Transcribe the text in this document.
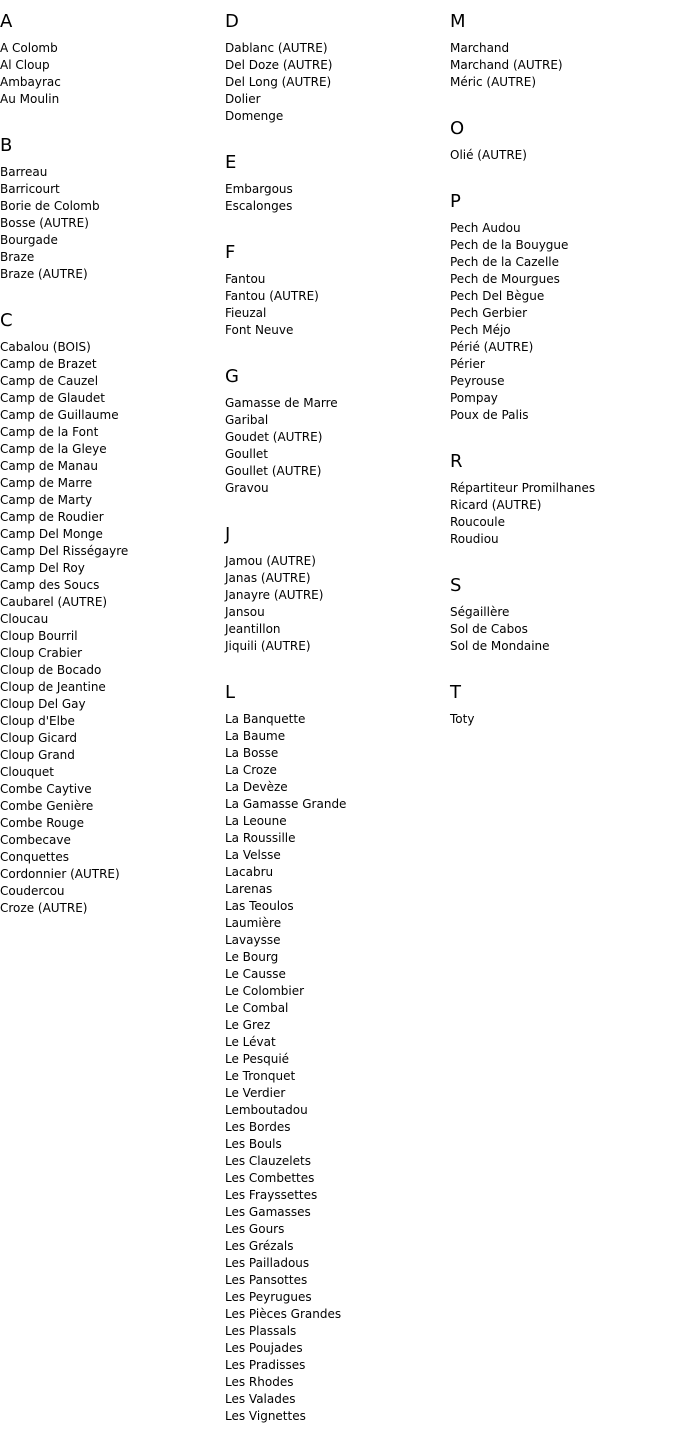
A
A Colomb
Al Cloup
Ambayrac
Au Moulin
B
Barreau
Barricourt
Borie de Colomb
Bosse (AUTRE)
Bourgade
Braze
Braze (AUTRE)
C
Cabalou (BOIS)
Camp de Brazet
Camp de Cauzel
Camp de Glaudet
Camp de Guillaume
Camp de la Font
Camp de la Gleye
Camp de Manau
Camp de Marre
Camp de Marty
Camp de Roudier
Camp Del Monge
Camp Del Risségayre
Camp Del Roy
Camp des Soucs
Caubarel (AUTRE)
Cloucau
Cloup Bourril
Cloup Crabier
Cloup de Bocado
Cloup de Jeantine
Cloup Del Gay
Cloup d'Elbe
Cloup Gicard
Cloup Grand
Clouquet
Combe Caytive
Combe Genière
Combe Rouge
Combecave
Conquettes
Cordonnier (AUTRE)
Coudercou
Croze (AUTRE)
D
Dablanc (AUTRE)
Del Doze (AUTRE)
Del Long (AUTRE)
Dolier
Domenge
E
Embargous
Escalonges
F
Fantou
Fantou (AUTRE)
Fieuzal
Font Neuve
G
Gamasse de Marre
Garibal
Goudet (AUTRE)
Goullet
Goullet (AUTRE)
Gravou
J
Jamou (AUTRE)
Janas (AUTRE)
Janayre (AUTRE)
Jansou
Jeantillon
Jiquili (AUTRE)
L
La Banquette
La Baume
La Bosse
La Croze
La Devèze
La Gamasse Grande
La Leoune
La Roussille
La Velsse
Lacabru
Larenas
Las Teoulos
Laumière
Lavaysse
Le Bourg
Le Causse
Le Colombier
Le Combal
Le Grez
Le Lévat
Le Pesquié
Le Tronquet
Le Verdier
Lemboutadou
Les Bordes
Les Bouls
Les Clauzelets
Les Combettes
Les Frayssettes
Les Gamasses
Les Gours
Les Grézals
Les Pailladous
Les Pansottes
Les Peyrugues
Les Pièces Grandes
Les Plassals
Les Poujades
Les Pradisses
Les Rhodes
Les Valades
Les Vignettes
M
Marchand
Marchand (AUTRE)
Méric (AUTRE)
O
Olié (AUTRE)
P
Pech Audou
Pech de la Bouygue
Pech de la Cazelle
Pech de Mourgues
Pech Del Bègue
Pech Gerbier
Pech Méjo
Périé (AUTRE)
Périer
Peyrouse
Pompay
Poux de Palis
R
Répartiteur Promilhanes
Ricard (AUTRE)
Roucoule
Roudiou
S
Ségaillère
Sol de Cabos
Sol de Mondaine
T
Toty
